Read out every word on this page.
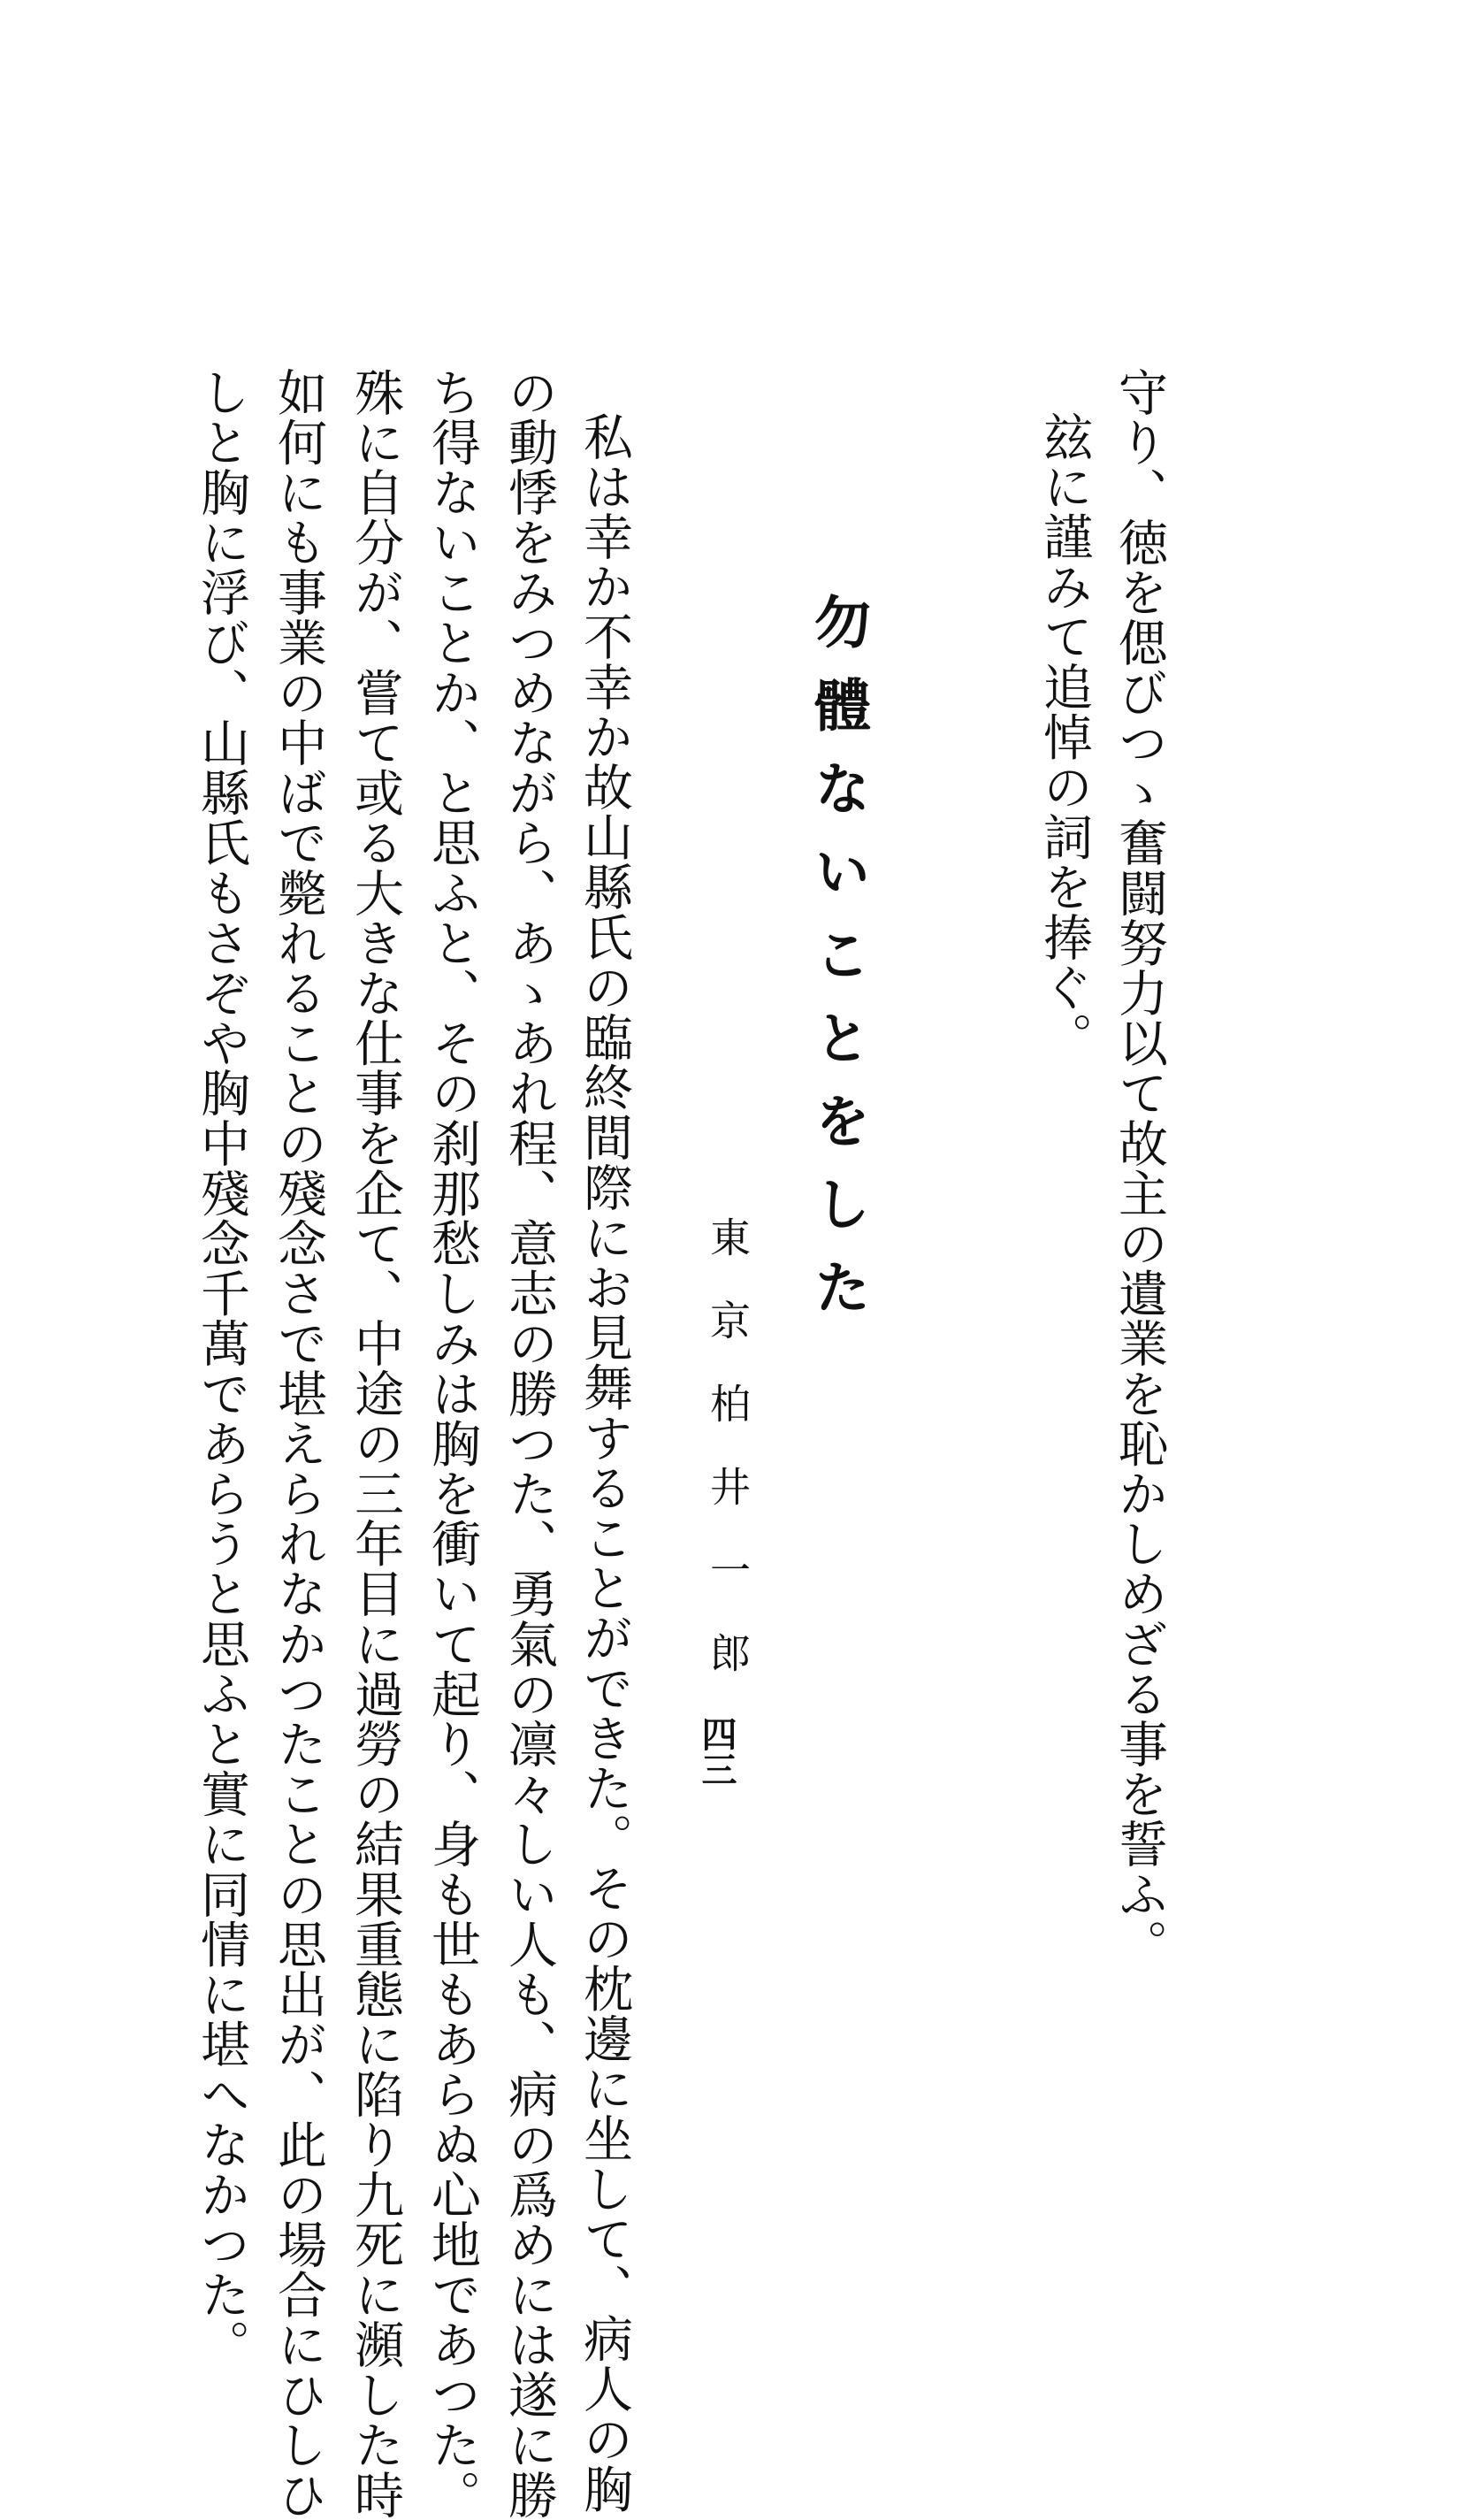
守り、徳を偲びつゝ奮闘努力以て故主の遺業を恥かしめざる事を誓ふ。
玆に謹みて追悼の詞を捧ぐ。
勿體ないことをした
東京柏井一郎
私は幸か不幸か故山縣氏の臨終間際にお見舞することができた。その枕邊に坐して、病人の胸
の動悸をみつめながら、あゝあれ程、意志の勝つた、勇氣の凛々しい人も、病の爲めには遂に勝
ち得ないことか、と思ふと、その刹那愁しみは胸を衝いて起り、身も世もあらぬ心地であつた。
殊に自分が、嘗て或る大きな仕事を企て、中途の三年目に過勞の結果重態に陷り九死に瀕した時
如何にも事業の中ばで斃れることの殘念さで堪えられなかつたことの思出が、此の場合にひしひ
しと胸に浮び、山縣氏もさぞや胸中殘念千萬であらうと思ふと實に同情に堪へなかつた。	四三
